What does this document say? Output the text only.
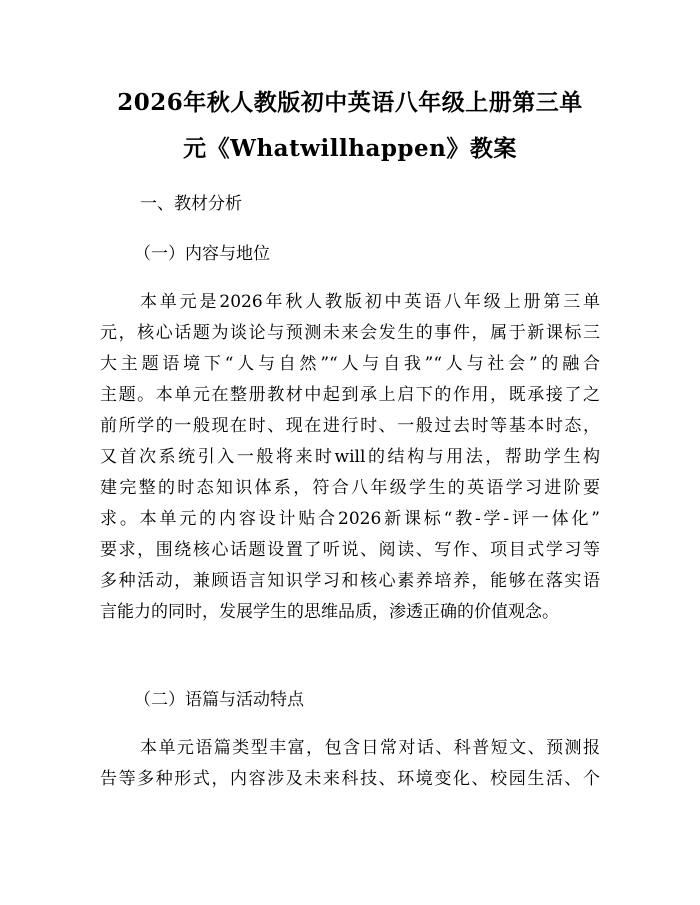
2026年秋人教版初中英语八年级上册第三单
元《Whatwillhappen》教案
一、教材分析
（一）内容与地位
本单元是2026年秋人教版初中英语八年级上册第三单
元，核心话题为谈论与预测未来会发生的事件，属于新课标三
大主题语境下“人与自然”“人与自我”“人与社会”的融合
主题。本单元在整册教材中起到承上启下的作用，既承接了之
前所学的一般现在时、现在进行时、一般过去时等基本时态，
又首次系统引入一般将来时will的结构与用法，帮助学生构
建完整的时态知识体系，符合八年级学生的英语学习进阶要
求。本单元的内容设计贴合2026新课标“教-学-评一体化”
要求，围绕核心话题设置了听说、阅读、写作、项目式学习等
多种活动，兼顾语言知识学习和核心素养培养，能够在落实语
言能力的同时，发展学生的思维品质，渗透正确的价值观念。
（二）语篇与活动特点
本单元语篇类型丰富，包含日常对话、科普短文、预测报
告等多种形式，内容涉及未来科技、环境变化、校园生活、个
